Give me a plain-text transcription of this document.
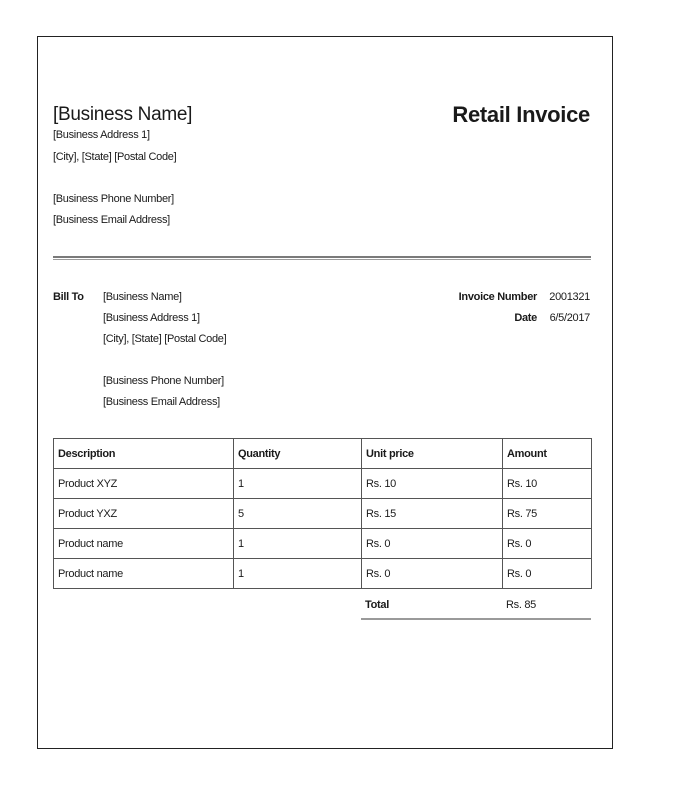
[Business Name]
[Business Address 1]
[City], [State] [Postal Code]
[Business Phone Number]
[Business Email Address]
Retail Invoice
Bill To [Business Name]
[Business Address 1]
[City], [State] [Postal Code]
[Business Phone Number]
[Business Email Address]
Invoice Number 2001321
Date 6/5/2017
Description	Quantity	Unit price	Amount
Product XYZ	1	Rs. 10	Rs. 10
Product YXZ	5	Rs. 15	Rs. 75
Product name	1	Rs. 0	Rs. 0
Product name	1	Rs. 0	Rs. 0
Total	Rs. 85
